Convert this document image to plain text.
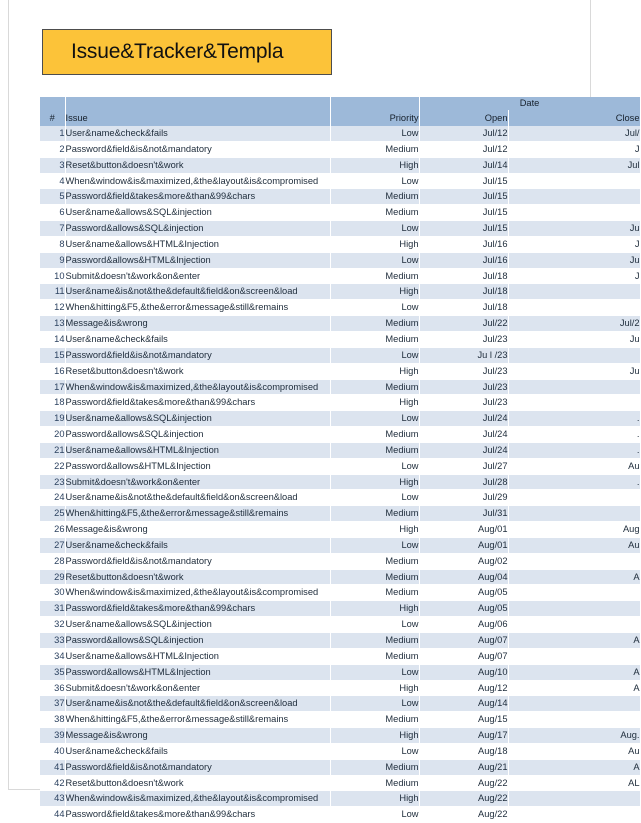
Issue&Tracker&Templa
			Date	
#	Issue	Priority	Open	Close
1	User&name&check&fails	Low	Jul/12	Jul/
2	Password&field&is&not&mandatory	Medium	Jul/12	J
3	Reset&button&doesn't&work	High	Jul/14	Jul
4	When&window&is&maximized,&the&layout&is&compromised	Low	Jul/15	
5	Password&field&takes&more&than&99&chars	Medium	Jul/15	
6	User&name&allows&SQL&injection	Medium	Jul/15	
7	Password&allows&SQL&injection	Low	Jul/15	Ju
8	User&name&allows&HTML&Injection	High	Jul/16	J
9	Password&allows&HTML&Injection	Low	Jul/16	Ju
10	Submit&doesn't&work&on&enter	Medium	Jul/18	J
11	User&name&is&not&the&default&field&on&screen&load	High	Jul/18	
12	When&hitting&F5,&the&error&message&still&remains	Low	Jul/18	
13	Message&is&wrong	Medium	Jul/22	Jul/2
14	User&name&check&fails	Medium	Jul/23	Ju
15	Password&field&is&not&mandatory	Low	Ju l /23	
16	Reset&button&doesn't&work	High	Jul/23	Ju
17	When&window&is&maximized,&the&layout&is&compromised	Medium	Jul/23	
18	Password&field&takes&more&than&99&chars	High	Jul/23	
19	User&name&allows&SQL&injection	Low	Jul/24	.
20	Password&allows&SQL&injection	Medium	Jul/24	.
21	User&name&allows&HTML&Injection	Medium	Jul/24	.
22	Password&allows&HTML&Injection	Low	Jul/27	Au
23	Submit&doesn't&work&on&enter	High	Jul/28	.
24	User&name&is&not&the&default&field&on&screen&load	Low	Jul/29	
25	When&hitting&F5,&the&error&message&still&remains	Medium	Jul/31	
26	Message&is&wrong	High	Aug/01	Aug
27	User&name&check&fails	Low	Aug/01	Au
28	Password&field&is&not&mandatory	Medium	Aug/02	
29	Reset&button&doesn't&work	Medium	Aug/04	A
30	When&window&is&maximized,&the&layout&is&compromised	Medium	Aug/05	
31	Password&field&takes&more&than&99&chars	High	Aug/05	
32	User&name&allows&SQL&injection	Low	Aug/06	
33	Password&allows&SQL&injection	Medium	Aug/07	A
34	User&name&allows&HTML&Injection	Medium	Aug/07	
35	Password&allows&HTML&Injection	Low	Aug/10	A
36	Submit&doesn't&work&on&enter	High	Aug/12	A
37	User&name&is&not&the&default&field&on&screen&load	Low	Aug/14	
38	When&hitting&F5,&the&error&message&still&remains	Medium	Aug/15	
39	Message&is&wrong	High	Aug/17	Aug.
40	User&name&check&fails	Low	Aug/18	Au
41	Password&field&is&not&mandatory	Medium	Aug/21	A
42	Reset&button&doesn't&work	Medium	Aug/22	AL
43	When&window&is&maximized,&the&layout&is&compromised	High	Aug/22	
44	Password&field&takes&more&than&99&chars	Low	Aug/22	
